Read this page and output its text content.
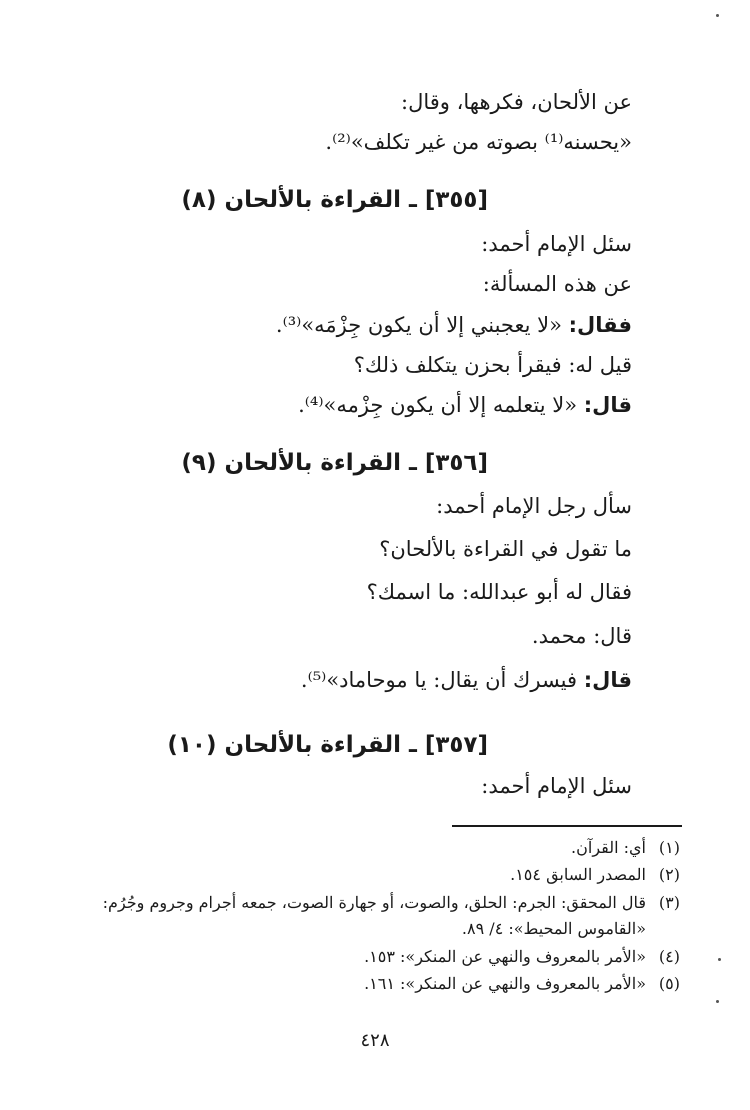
عن الألحان، فكرهها، وقال:
«يحسنه⁽¹⁾ بصوته من غير تكلف»⁽²⁾.
[٣٥٥] ـ القراءة بالألحان (٨)
سئل الإمام أحمد:
عن هذه المسألة:
فقال: «لا يعجبني إلا أن يكون جِزْمَه»⁽³⁾.
قيل له: فيقرأ بحزن يتكلف ذلك؟
قال: «لا يتعلمه إلا أن يكون جِزْمه»⁽⁴⁾.
[٣٥٦] ـ القراءة بالألحان (٩)
سأل رجل الإمام أحمد:
ما تقول في القراءة بالألحان؟
فقال له أبو عبدالله: ما اسمك؟
قال: محمد.
قال: فيسرك أن يقال: يا موحاماد»⁽⁵⁾.
[٣٥٧] ـ القراءة بالألحان (١٠)
سئل الإمام أحمد:
(١)أي: القرآن.
(٢)المصدر السابق ١٥٤.
(٣)قال المحقق: الجرم: الحلق، والصوت، أو جهارة الصوت، جمعه أجرام وجروم وجُرُم:
«القاموس المحيط»: ٤/ ٨٩.
(٤)«الأمر بالمعروف والنهي عن المنكر»: ١٥٣.
(٥)«الأمر بالمعروف والنهي عن المنكر»: ١٦١.
٤٢٨
